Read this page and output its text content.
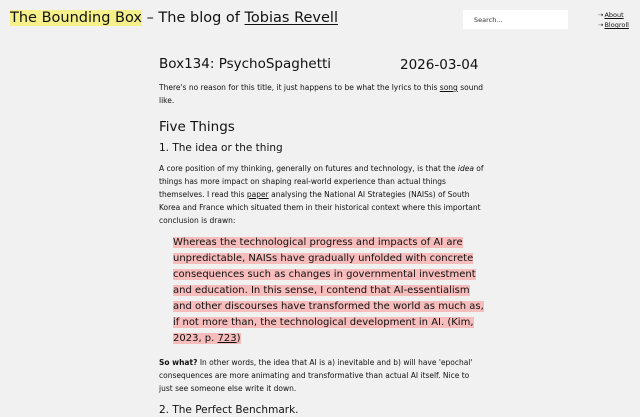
The Bounding Box – The blog of Tobias Revell
Search...	⇢About
⇢Blogroll
Box134: PsychoSpaghetti	2026-03-04

There's no reason for this title, it just happens to be what the lyrics to this song sound like.

Five Things
1. The idea or the thing

A core position of my thinking, generally on futures and technology, is that the idea of things has more impact on shaping real-world experience than actual things themselves. I read this paper analysing the National AI Strategies (NAISs) of South Korea and France which situated them in their historical context where this important conclusion is drawn:

Whereas the technological progress and impacts of AI are unpredictable, NAISs have gradually unfolded with concrete consequences such as changes in governmental investment and education. In this sense, I contend that AI-essentialism and other discourses have transformed the world as much as, if not more than, the technological development in AI. (Kim, 2023, p. 723)

So what? In other words, the idea that AI is a) inevitable and b) will have 'epochal' consequences are more animating and transformative than actual AI itself. Nice to just see someone else write it down.

2. The Perfect Benchmark.
